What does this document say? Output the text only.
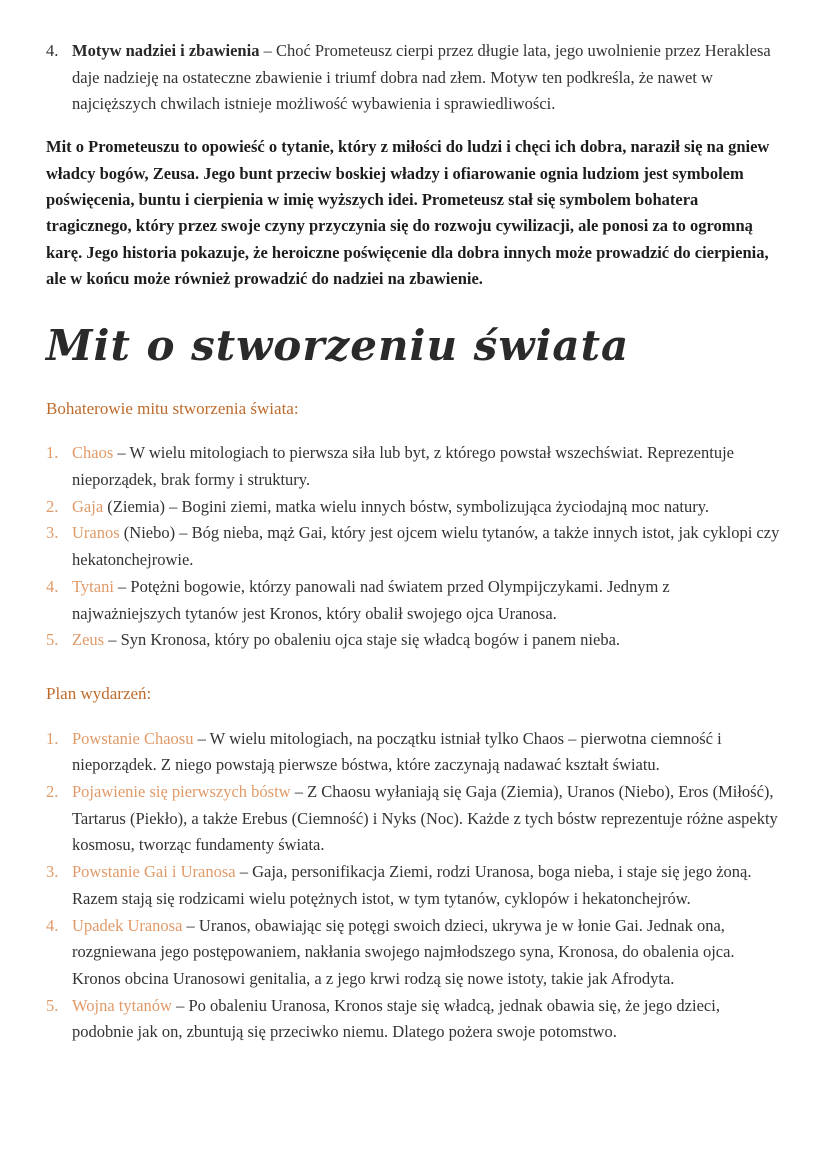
4. Motyw nadziei i zbawienia – Choć Prometeusz cierpi przez długie lata, jego uwolnienie przez Heraklesa daje nadzieję na ostateczne zbawienie i triumf dobra nad złem. Motyw ten podkreśla, że nawet w najcięższych chwilach istnieje możliwość wybawienia i sprawiedliwości.

Mit o Prometeuszu to opowieść o tytanie, który z miłości do ludzi i chęci ich dobra, naraził się na gniew władcy bogów, Zeusa. Jego bunt przeciw boskiej władzy i ofiarowanie ognia ludziom jest symbolem poświęcenia, buntu i cierpienia w imię wyższych idei. Prometeusz stał się symbolem bohatera tragicznego, który przez swoje czyny przyczynia się do rozwoju cywilizacji, ale ponosi za to ogromną karę. Jego historia pokazuje, że heroiczne poświęcenie dla dobra innych może prowadzić do cierpienia, ale w końcu może również prowadzić do nadziei na zbawienie.

Mit o stworzeniu świata
Bohaterowie mitu stworzenia świata:
1. Chaos – W wielu mitologiach to pierwsza siła lub byt, z którego powstał wszechświat. Reprezentuje nieporządek, brak formy i struktury.
2. Gaja (Ziemia) – Bogini ziemi, matka wielu innych bóstw, symbolizująca życiodajną moc natury.
3. Uranos (Niebo) – Bóg nieba, mąż Gai, który jest ojcem wielu tytanów, a także innych istot, jak cyklopi czy hekatonchejrowie.
4. Tytani – Potężni bogowie, którzy panowali nad światem przed Olympijczykami. Jednym z najważniejszych tytanów jest Kronos, który obalił swojego ojca Uranosa.
5. Zeus – Syn Kronosa, który po obaleniu ojca staje się władcą bogów i panem nieba.
Plan wydarzeń:
1. Powstanie Chaosu – W wielu mitologiach, na początku istniał tylko Chaos – pierwotna ciemność i nieporządek. Z niego powstają pierwsze bóstwa, które zaczynają nadawać kształt światu.
2. Pojawienie się pierwszych bóstw – Z Chaosu wyłaniają się Gaja (Ziemia), Uranos (Niebo), Eros (Miłość), Tartarus (Piekło), a także Erebus (Ciemność) i Nyks (Noc). Każde z tych bóstw reprezentuje różne aspekty kosmosu, tworząc fundamenty świata.
3. Powstanie Gai i Uranosa – Gaja, personifikacja Ziemi, rodzi Uranosa, boga nieba, i staje się jego żoną. Razem stają się rodzicami wielu potężnych istot, w tym tytanów, cyklopów i hekatonchejrów.
4. Upadek Uranosa – Uranos, obawiając się potęgi swoich dzieci, ukrywa je w łonie Gai. Jednak ona, rozgniewana jego postępowaniem, nakłania swojego najmłodszego syna, Kronosa, do obalenia ojca. Kronos obcina Uranosowi genitalia, a z jego krwi rodzą się nowe istoty, takie jak Afrodyta.
5. Wojna tytanów – Po obaleniu Uranosa, Kronos staje się władcą, jednak obawia się, że jego dzieci, podobnie jak on, zbuntują się przeciwko niemu. Dlatego pożera swoje potomstwo.
